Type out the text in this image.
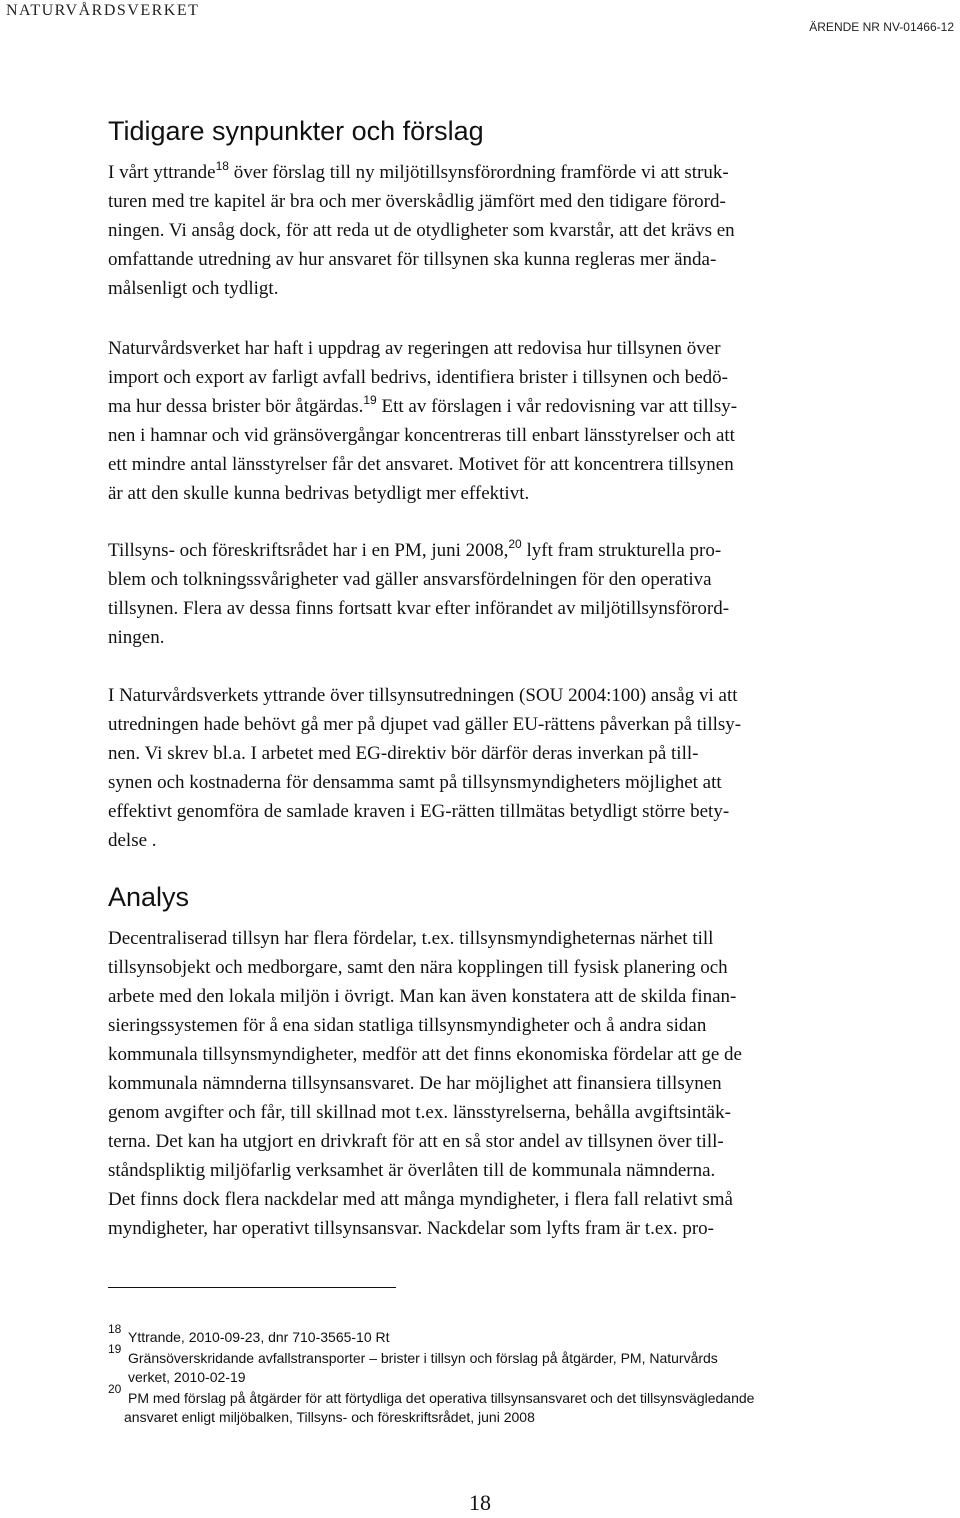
NATURVÅRDSVERKET
ÄRENDE NR NV-01466-12
Tidigare synpunkter och förslag
I vårt yttrande$^{18}$ över förslag till ny miljötillsynsförordning framförde vi att struk-
turen med tre kapitel är bra och mer överskådlig jämfört med den tidigare förord-
ningen. Vi ansåg dock, för att reda ut de otydligheter som kvarstår, att det krävs en
omfattande utredning av hur ansvaret för tillsynen ska kunna regleras mer ända-
målsenligt och tydligt.
Naturvårdsverket har haft i uppdrag av regeringen att redovisa hur tillsynen över
import och export av farligt avfall bedrivs, identifiera brister i tillsynen och bedö-
ma hur dessa brister bör åtgärdas.$^{19}$ Ett av förslagen i vår redovisning var att tillsy-
nen i hamnar och vid gränsövergångar koncentreras till enbart länsstyrelser och att
ett mindre antal länsstyrelser får det ansvaret. Motivet för att koncentrera tillsynen
är att den skulle kunna bedrivas betydligt mer effektivt.
Tillsyns- och föreskriftsrådet har i en PM, juni 2008,20 lyft fram strukturella pro-
blem och tolkningssvårigheter vad gäller ansvarsfördelningen för den operativa
tillsynen. Flera av dessa finns fortsatt kvar efter införandet av miljötillsynsförord-
ningen.
I Naturvårdsverkets yttrande över tillsynsutredningen (SOU 2004:100) ansåg vi att
utredningen hade behövt gå mer på djupet vad gäller EU-rättens påverkan på tillsy-
nen. Vi skrev bl.a. I arbetet med EG-direktiv bör därför deras inverkan på till-
synen och kostnaderna för densamma samt på tillsynsmyndigheters möjlighet att
effektivt genomföra de samlade kraven i EG-rätten tillmätas betydligt större bety-
delse .
Analys
Decentraliserad tillsyn har flera fördelar, t.ex. tillsynsmyndigheternas närhet till
tillsynsobjekt och medborgare, samt den nära kopplingen till fysisk planering och
arbete med den lokala miljön i övrigt. Man kan även konstatera att de skilda finan-
sieringssystemen för å ena sidan statliga tillsynsmyndigheter och å andra sidan
kommunala tillsynsmyndigheter, medför att det finns ekonomiska fördelar att ge de
kommunala nämnderna tillsynsansvaret. De har möjlighet att finansiera tillsynen
genom avgifter och får, till skillnad mot t.ex. länsstyrelserna, behålla avgiftsintäk-
terna. Det kan ha utgjort en drivkraft för att en så stor andel av tillsynen över till-
ståndspliktig miljöfarlig verksamhet är överlåten till de kommunala nämnderna.
Det finns dock flera nackdelar med att många myndigheter, i flera fall relativt små
myndigheter, har operativt tillsynsansvar. Nackdelar som lyfts fram är t.ex. pro-
18 Yttrande, 2010-09-23, dnr 710-3565-10 Rt
19
Gränsöverskridande avfallstransporter – brister i tillsyn och förslag på åtgärder, PM, Naturvårds
verket, 2010-02-19
20
PM med förslag på åtgärder för att förtydliga det operativa tillsynsansvaret och det tillsynsvägledande
ansvaret enligt miljöbalken, Tillsyns- och föreskriftsrådet, juni 2008
18
